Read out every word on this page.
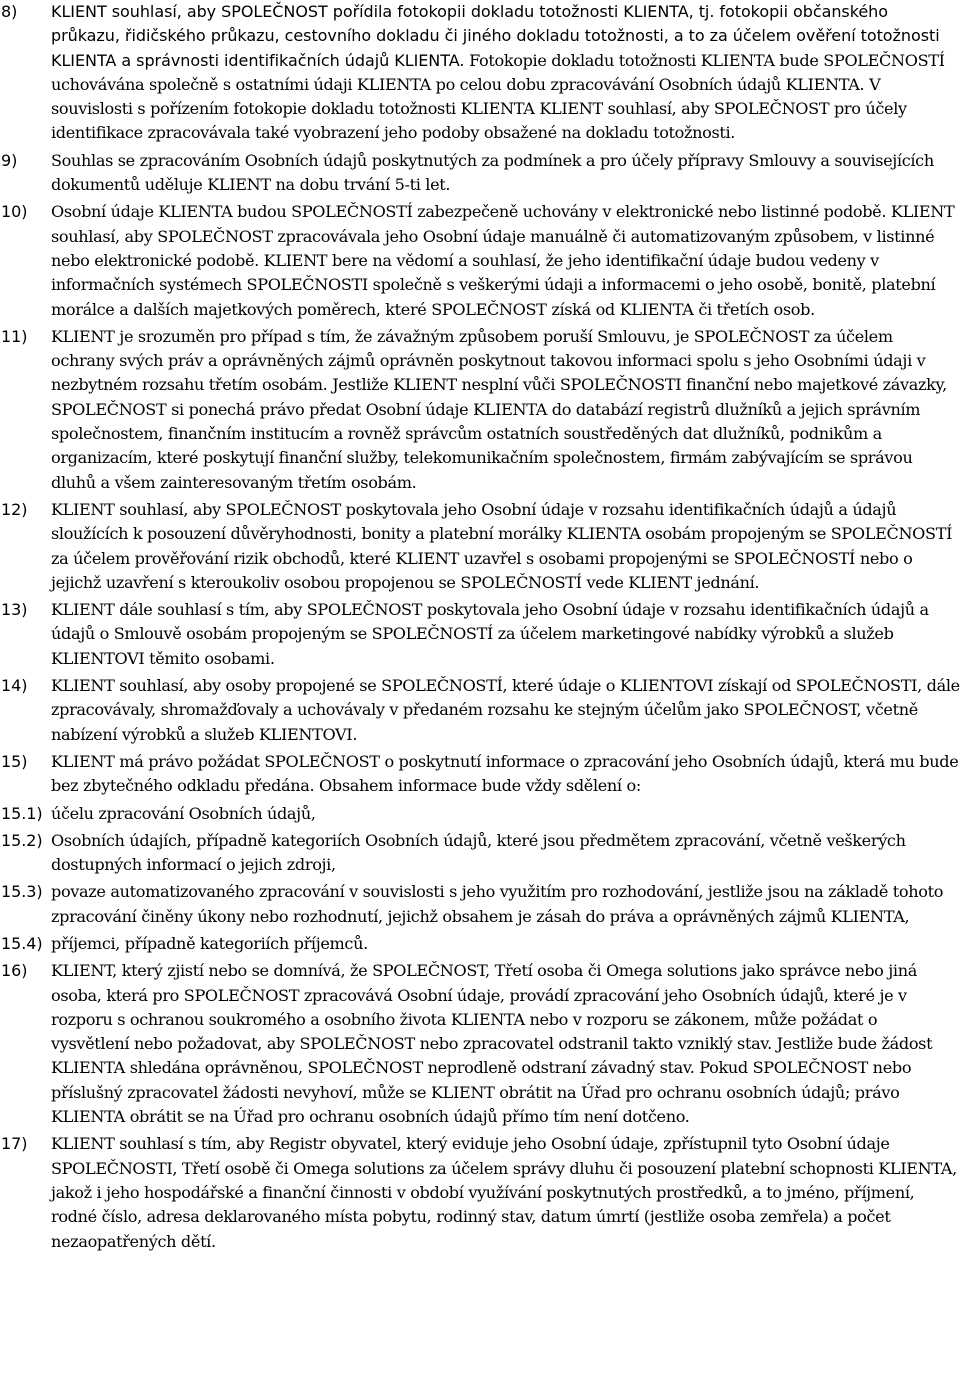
8) KLIENT souhlasí, aby SPOLEČNOST pořídila fotokopii dokladu totožnosti KLIENTA, tj. fotokopii občanského průkazu, řidičského průkazu, cestovního dokladu či jiného dokladu totožnosti, a to za účelem ověření totožnosti KLIENTA a správnosti identifikačních údajů KLIENTA. Fotokopie dokladu totožnosti KLIENTA bude SPOLEČNOSTÍ uchovávána společně s ostatními údaji KLIENTA po celou dobu zpracovávání Osobních údajů KLIENTA. V souvislosti s pořízením fotokopie dokladu totožnosti KLIENTA KLIENT souhlasí, aby SPOLEČNOST pro účely identifikace zpracovávala také vyobrazení jeho podoby obsažené na dokladu totožnosti.
9) Souhlas se zpracováním Osobních údajů poskytnutých za podmínek a pro účely přípravy Smlouvy a souvisejících dokumentů uděluje KLIENT na dobu trvání 5-ti let.
10) Osobní údaje KLIENTA budou SPOLEČNOSTÍ zabezpečeně uchovány v elektronické nebo listinné podobě. KLIENT souhlasí, aby SPOLEČNOST zpracovávala jeho Osobní údaje manuálně či automatizovaným způsobem, v listinné nebo elektronické podobě. KLIENT bere na vědomí a souhlasí, že jeho identifikační údaje budou vedeny v informačních systémech SPOLEČNOSTI společně s veškerými údaji a informacemi o jeho osobě, bonitě, platební morálce a dalších majetkových poměrech, které SPOLEČNOST získá od KLIENTA či třetích osob.
11) KLIENT je srozuměn pro případ s tím, že závažným způsobem poruší Smlouvu, je SPOLEČNOST za účelem ochrany svých práv a oprávněných zájmů oprávněn poskytnout takovou informaci spolu s jeho Osobními údaji v nezbytném rozsahu třetím osobám. Jestliže KLIENT nesplní vůči SPOLEČNOSTI finanční nebo majetkové závazky, SPOLEČNOST si ponechá právo předat Osobní údaje KLIENTA do databází registrů dlužníků a jejich správním společnostem, finančním institucím a rovněž správcům ostatních soustředěných dat dlužníků, podnikům a organizacím, které poskytují finanční služby, telekomunikačním společnostem, firmám zabývajícím se správou dluhů a všem zainteresovaným třetím osobám.
12) KLIENT souhlasí, aby SPOLEČNOST poskytovala jeho Osobní údaje v rozsahu identifikačních údajů a údajů sloužících k posouzení důvěryhodnosti, bonity a platební morálky KLIENTA osobám propojeným se SPOLEČNOSTÍ za účelem prověřování rizik obchodů, které KLIENT uzavřel s osobami propojenými se SPOLEČNOSTÍ nebo o jejichž uzavření s kteroukoliv osobou propojenou se SPOLEČNOSTÍ vede KLIENT jednání.
13) KLIENT dále souhlasí s tím, aby SPOLEČNOST poskytovala jeho Osobní údaje v rozsahu identifikačních údajů a údajů o Smlouvě osobám propojeným se SPOLEČNOSTÍ za účelem marketingové nabídky výrobků a služeb KLIENTOVI těmito osobami.
14) KLIENT souhlasí, aby osoby propojené se SPOLEČNOSTÍ, které údaje o KLIENTOVI získají od SPOLEČNOSTI, dále zpracovávaly, shromažďovaly a uchovávaly v předaném rozsahu ke stejným účelům jako SPOLEČNOST, včetně nabízení výrobků a služeb KLIENTOVI.
15) KLIENT má právo požádat SPOLEČNOST o poskytnutí informace o zpracování jeho Osobních údajů, která mu bude bez zbytečného odkladu předána. Obsahem informace bude vždy sdělení o:
15.1) účelu zpracování Osobních údajů,
15.2) Osobních údajích, případně kategoriích Osobních údajů, které jsou předmětem zpracování, včetně veškerých dostupných informací o jejich zdroji,
15.3) povaze automatizovaného zpracování v souvislosti s jeho využitím pro rozhodování, jestliže jsou na základě tohoto zpracování činěny úkony nebo rozhodnutí, jejichž obsahem je zásah do práva a oprávněných zájmů KLIENTA,
15.4) příjemci, případně kategoriích příjemců.
16) KLIENT, který zjistí nebo se domnívá, že SPOLEČNOST, Třetí osoba či Omega solutions jako správce nebo jiná osoba, která pro SPOLEČNOST zpracovává Osobní údaje, provádí zpracování jeho Osobních údajů, které je v rozporu s ochranou soukromého a osobního života KLIENTA nebo v rozporu se zákonem, může požádat o vysvětlení nebo požadovat, aby SPOLEČNOST nebo zpracovatel odstranil takto vzniklý stav. Jestliže bude žádost KLIENTA shledána oprávněnou, SPOLEČNOST neprodleně odstraní závadný stav. Pokud SPOLEČNOST nebo příslušný zpracovatel žádosti nevyhoví, může se KLIENT obrátit na Úřad pro ochranu osobních údajů; právo KLIENTA obrátit se na Úřad pro ochranu osobních údajů přímo tím není dotčeno.
17) KLIENT souhlasí s tím, aby Registr obyvatel, který eviduje jeho Osobní údaje, zpřístupnil tyto Osobní údaje SPOLEČNOSTI, Třetí osobě či Omega solutions za účelem správy dluhu či posouzení platební schopnosti KLIENTA, jakož i jeho hospodářské a finanční činnosti v období využívání poskytnutých prostředků, a to jméno, příjmení, rodné číslo, adresa deklarovaného místa pobytu, rodinný stav, datum úmrtí (jestliže osoba zemřela) a počet nezaopatřených dětí.
